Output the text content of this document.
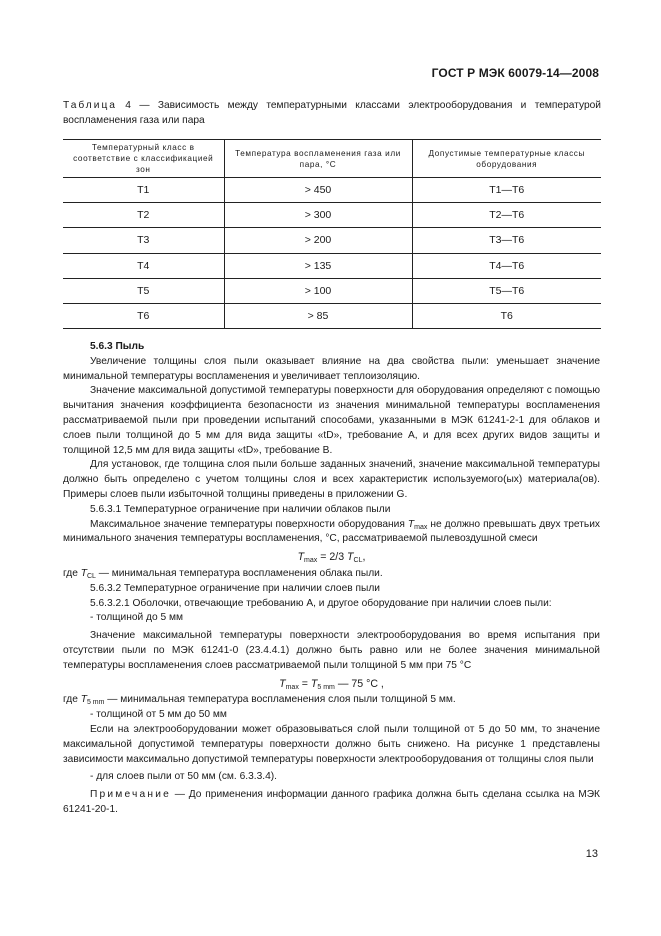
ГОСТ Р МЭК 60079-14—2008
Таблица 4 — Зависимость между температурными классами электрооборудования и температурой воспламенения газа или пара
Температурный класс в соответствие с классификацией зон	Температура воспламенения газа или пара, °С	Допустимые температурные классы оборудования
T1	> 450	T1—T6
T2	> 300	T2—T6
T3	> 200	T3—T6
T4	> 135	T4—T6
T5	> 100	T5—T6
T6	> 85	T6

5.6.3 Пыль

Увеличение толщины слоя пыли оказывает влияние на два свойства пыли: уменьшает значение минимальной температуры воспламенения и увеличивает теплоизоляцию.

Значение максимальной допустимой температуры поверхности для оборудования определяют с помощью вычитания значения коэффициента безопасности из значения минимальной температуры воспламенения рассматриваемой пыли при проведении испытаний способами, указанными в МЭК 61241-2-1 для облаков и слоев пыли толщиной до 5 мм для вида защиты «tD», требование А, и для всех других видов защиты и толщиной 12,5 мм для вида защиты «tD», требование В.

Для установок, где толщина слоя пыли больше заданных значений, значение максимальной температуры должно быть определено с учетом толщины слоя и всех характеристик используемого(ых) материала(ов). Примеры слоев пыли избыточной толщины приведены в приложении G.

5.6.3.1 Температурное ограничение при наличии облаков пыли

Максимальное значение температуры поверхности оборудования $T_{max}$ не должно превышать двух третьих минимального значения температуры воспламенения, °С, рассматриваемой пылевоздушной смеси

$T_{max} = 2/3$ $T_{CL}$,

где $T_{CL}$ — минимальная температура воспламенения облака пыли.

5.6.3.2 Температурное ограничение при наличии слоев пыли

5.6.3.2.1 Оболочки, отвечающие требованию А, и другое оборудование при наличии слоев пыли:

- толщиной до 5 мм

Значение максимальной температуры поверхности электрооборудования во время испытания при отсутствии пыли по МЭК 61241-0 (23.4.4.1) должно быть равно или не более значения минимальной температуры воспламенения слоев рассматриваемой пыли толщиной 5 мм при 75 °С

$T_{max} = T_{5 mm}$ — 75 °С ,

где $T_{5 mm}$ — минимальная температура воспламенения слоя пыли толщиной 5 мм.

- толщиной от 5 мм до 50 мм

Если на электрооборудовании может образовываться слой пыли толщиной от 5 до 50 мм, то значение максимальной допустимой температуры поверхности должно быть снижено. На рисунке 1 представлены зависимости максимально допустимой температуры поверхности электрооборудования от толщины слоя пыли

- для слоев пыли от 50 мм (см. 6.3.3.4).

Примечание — До применения информации данного графика должна быть сделана ссылка на МЭК 61241-20-1.

13
